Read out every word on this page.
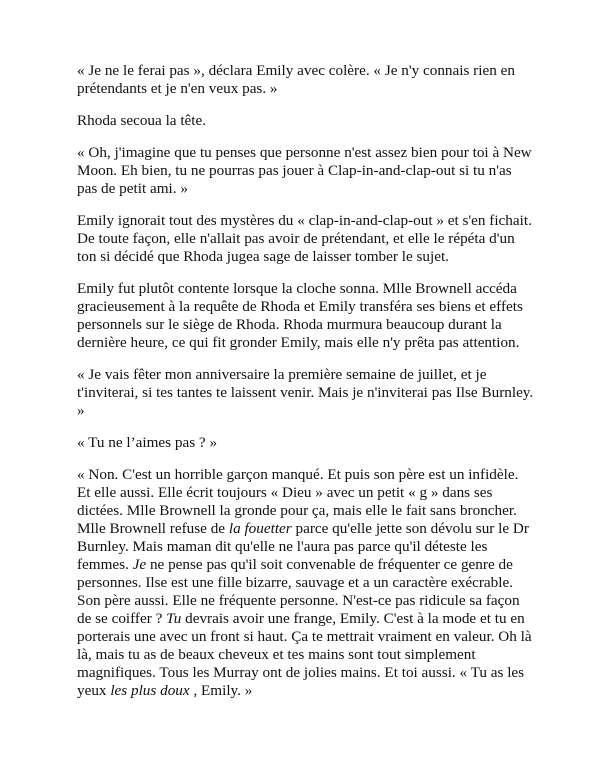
« Je ne le ferai pas », déclara Emily avec colère. « Je n'y connais rien en prétendants et je n'en veux pas. »

Rhoda secoua la tête.

« Oh, j'imagine que tu penses que personne n'est assez bien pour toi à New Moon. Eh bien, tu ne pourras pas jouer à Clap-in-and-clap-out si tu n'as pas de petit ami. »

Emily ignorait tout des mystères du « clap-in-and-clap-out » et s'en fichait. De toute façon, elle n'allait pas avoir de prétendant, et elle le répéta d'un ton si décidé que Rhoda jugea sage de laisser tomber le sujet.

Emily fut plutôt contente lorsque la cloche sonna. Mlle Brownell accéda gracieusement à la requête de Rhoda et Emily transféra ses biens et effets personnels sur le siège de Rhoda. Rhoda murmura beaucoup durant la dernière heure, ce qui fit gronder Emily, mais elle n'y prêta pas attention.

« Je vais fêter mon anniversaire la première semaine de juillet, et je t'inviterai, si tes tantes te laissent venir. Mais je n'inviterai pas Ilse Burnley. »

« Tu ne l’aimes pas ? »

« Non. C'est un horrible garçon manqué. Et puis son père est un infidèle. Et elle aussi. Elle écrit toujours « Dieu » avec un petit « g » dans ses dictées. Mlle Brownell la gronde pour ça, mais elle le fait sans broncher. Mlle Brownell refuse de la fouetter parce qu'elle jette son dévolu sur le Dr Burnley. Mais maman dit qu'elle ne l'aura pas parce qu'il déteste les femmes. Je ne pense pas qu'il soit convenable de fréquenter ce genre de personnes. Ilse est une fille bizarre, sauvage et a un caractère exécrable. Son père aussi. Elle ne fréquente personne. N'est-ce pas ridicule sa façon de se coiffer ? Tu devrais avoir une frange, Emily. C'est à la mode et tu en porterais une avec un front si haut. Ça te mettrait vraiment en valeur. Oh là là, mais tu as de beaux cheveux et tes mains sont tout simplement magnifiques. Tous les Murray ont de jolies mains. Et toi aussi. « Tu as les yeux les plus doux , Emily. »
